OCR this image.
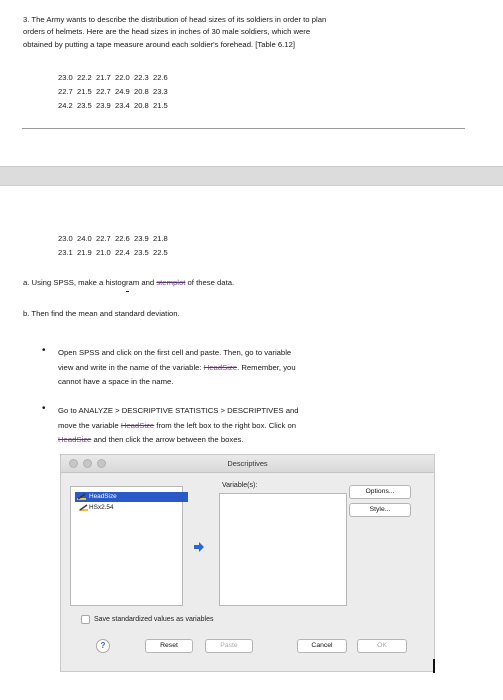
3. The Army wants to describe the distribution of head sizes of its soldiers in order to plan
orders of helmets. Here are the head sizes in inches of 30 male soldiers, which were
obtained by putting a tape measure around each soldier's forehead. [Table 6.12]
23.0  22.2  21.7  22.0  22.3  22.6
22.7  21.5  22.7  24.9  20.8  23.3
24.2  23.5  23.9  23.4  20.8  21.5
23.0  24.0  22.7  22.6  23.9  21.8
23.1  21.9  21.0  22.4  23.5  22.5
a. Using SPSS, make a histogram and stemplot of these data.
b. Then find the mean and standard deviation.
• Open SPSS and click on the first cell and paste. Then, go to variable
view and write in the name of the variable: HeadSize. Remember, you
cannot have a space in the name.
• Go to ANALYZE > DESCRIPTIVE STATISTICS > DESCRIPTIVES and
move the variable HeadSize from the left box to the right box. Click on
HeadSize and then click the arrow between the boxes.
Descriptives
HeadSize
HSx2.54
Variable(s):
Options...
Style...
Save standardized values as variables
?	Reset	Paste	Cancel	OK
